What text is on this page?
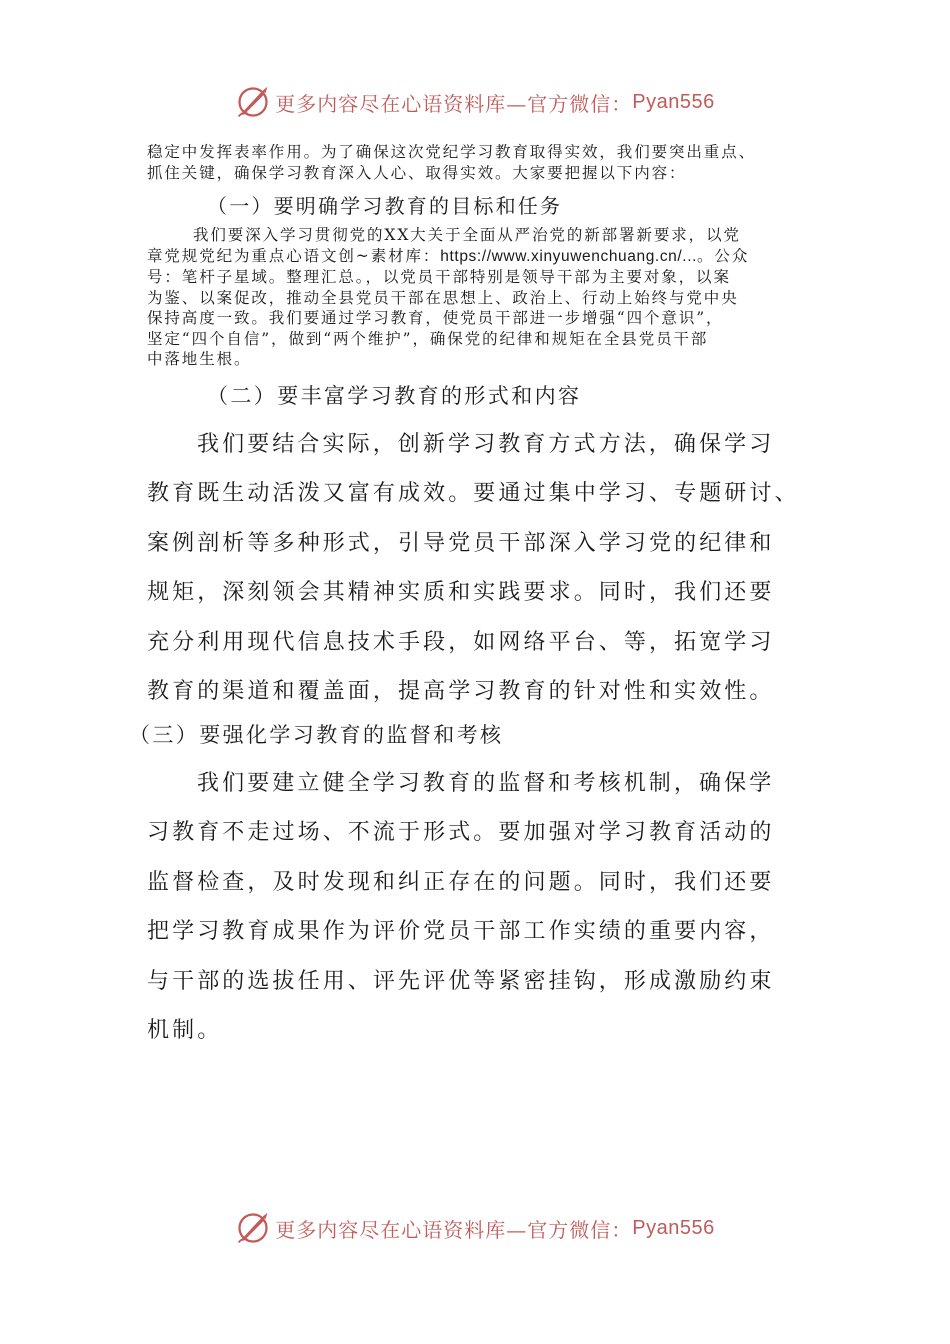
更多内容尽在心语资料库—官方微信： Pyan556

稳定中发挥表率作用。为了确保这次党纪学习教育取得实效，我们要突出重点、
抓住关键，确保学习教育深入人心、取得实效。大家要把握以下内容：

（一）要明确学习教育的目标和任务

我们要深入学习贯彻党的XX大关于全面从严治党的新部署新要求，以党
章党规党纪为重点心语文创~素材库：https://www.xinyuwenchuang.cn/...。公众
号：笔杆子星域。整理汇总。，以党员干部特别是领导干部为主要对象，以案
为鉴、以案促改，推动全县党员干部在思想上、政治上、行动上始终与党中央
保持高度一致。我们要通过学习教育，使党员干部进一步增强“四个意识”，
坚定“四个自信”，做到“两个维护”，确保党的纪律和规矩在全县党员干部
中落地生根。

（二）要丰富学习教育的形式和内容

我们要结合实际，创新学习教育方式方法，确保学习
教育既生动活泼又富有成效。要通过集中学习、专题研讨、
案例剖析等多种形式，引导党员干部深入学习党的纪律和
规矩，深刻领会其精神实质和实践要求。同时，我们还要
充分利用现代信息技术手段，如网络平台、等，拓宽学习
教育的渠道和覆盖面，提高学习教育的针对性和实效性。

（三）要强化学习教育的监督和考核

我们要建立健全学习教育的监督和考核机制，确保学
习教育不走过场、不流于形式。要加强对学习教育活动的
监督检查，及时发现和纠正存在的问题。同时，我们还要
把学习教育成果作为评价党员干部工作实绩的重要内容，
与干部的选拔任用、评先评优等紧密挂钩，形成激励约束
机制。

更多内容尽在心语资料库—官方微信： Pyan556
